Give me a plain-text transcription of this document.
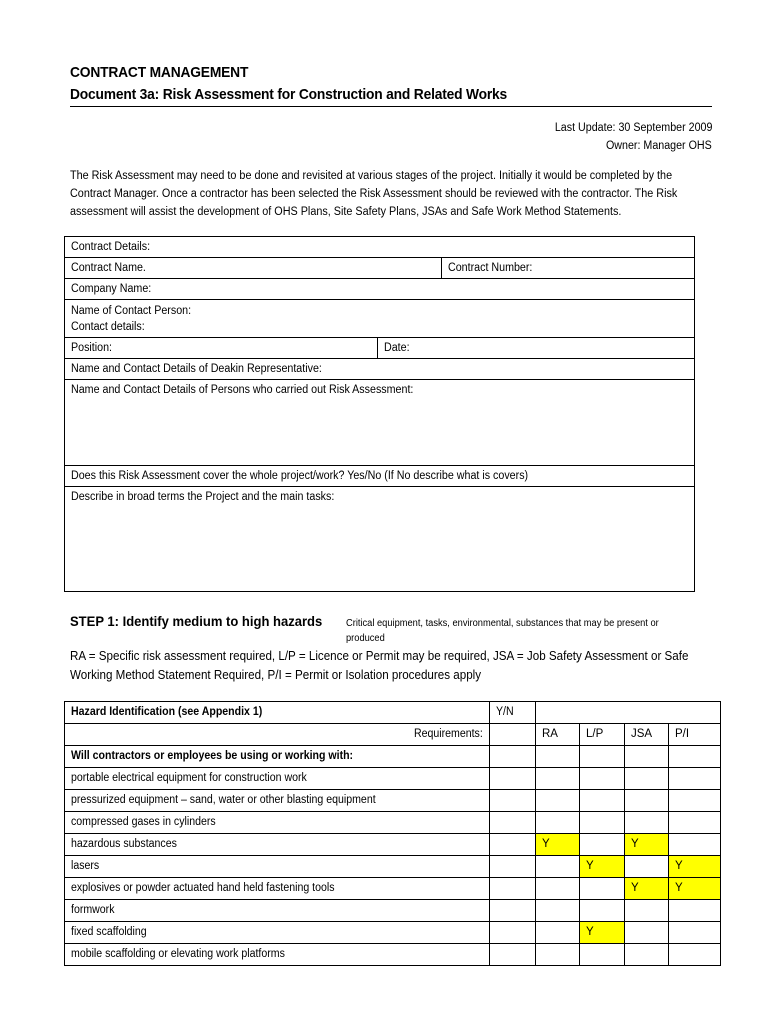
CONTRACT MANAGEMENT
Document 3a: Risk Assessment for Construction and Related Works
Last Update: 30 September 2009
Owner: Manager OHS
The Risk Assessment may need to be done and revisited at various stages of the project. Initially it would be completed by the Contract Manager. Once a contractor has been selected the Risk Assessment should be reviewed with the contractor. The Risk assessment will assist the development of OHS Plans, Site Safety Plans, JSAs and Safe Work Method Statements.
Contract Details:		
Contract Name.		Contract Number:
Company Name:		
Name of Contact Person:
Contact details:		
Position:	Date:	
Name and Contact Details of Deakin Representative:		
Name and Contact Details of Persons who carried out Risk Assessment:		
Does this Risk Assessment cover the whole project/work? Yes/No (If No describe what is covers)		
Describe in broad terms the Project and the main tasks:		
STEP 1: Identify medium to high hazards Critical equipment, tasks, environmental, substances that may be present or produced
RA = Specific risk assessment required, L/P = Licence or Permit may be required, JSA = Job Safety Assessment or Safe Working Method Statement Required, P/I = Permit or Isolation procedures apply
Hazard Identification (see Appendix 1)	Y/N				
Requirements:		RA	L/P	JSA	P/I
Will contractors or employees be using or working with:					
portable electrical equipment for construction work					
pressurized equipment – sand, water or other blasting equipment					
compressed gases in cylinders					
hazardous substances		Y		Y	
lasers			Y		Y
explosives or powder actuated hand held fastening tools				Y	Y
formwork					
fixed scaffolding			Y		
mobile scaffolding or elevating work platforms					
